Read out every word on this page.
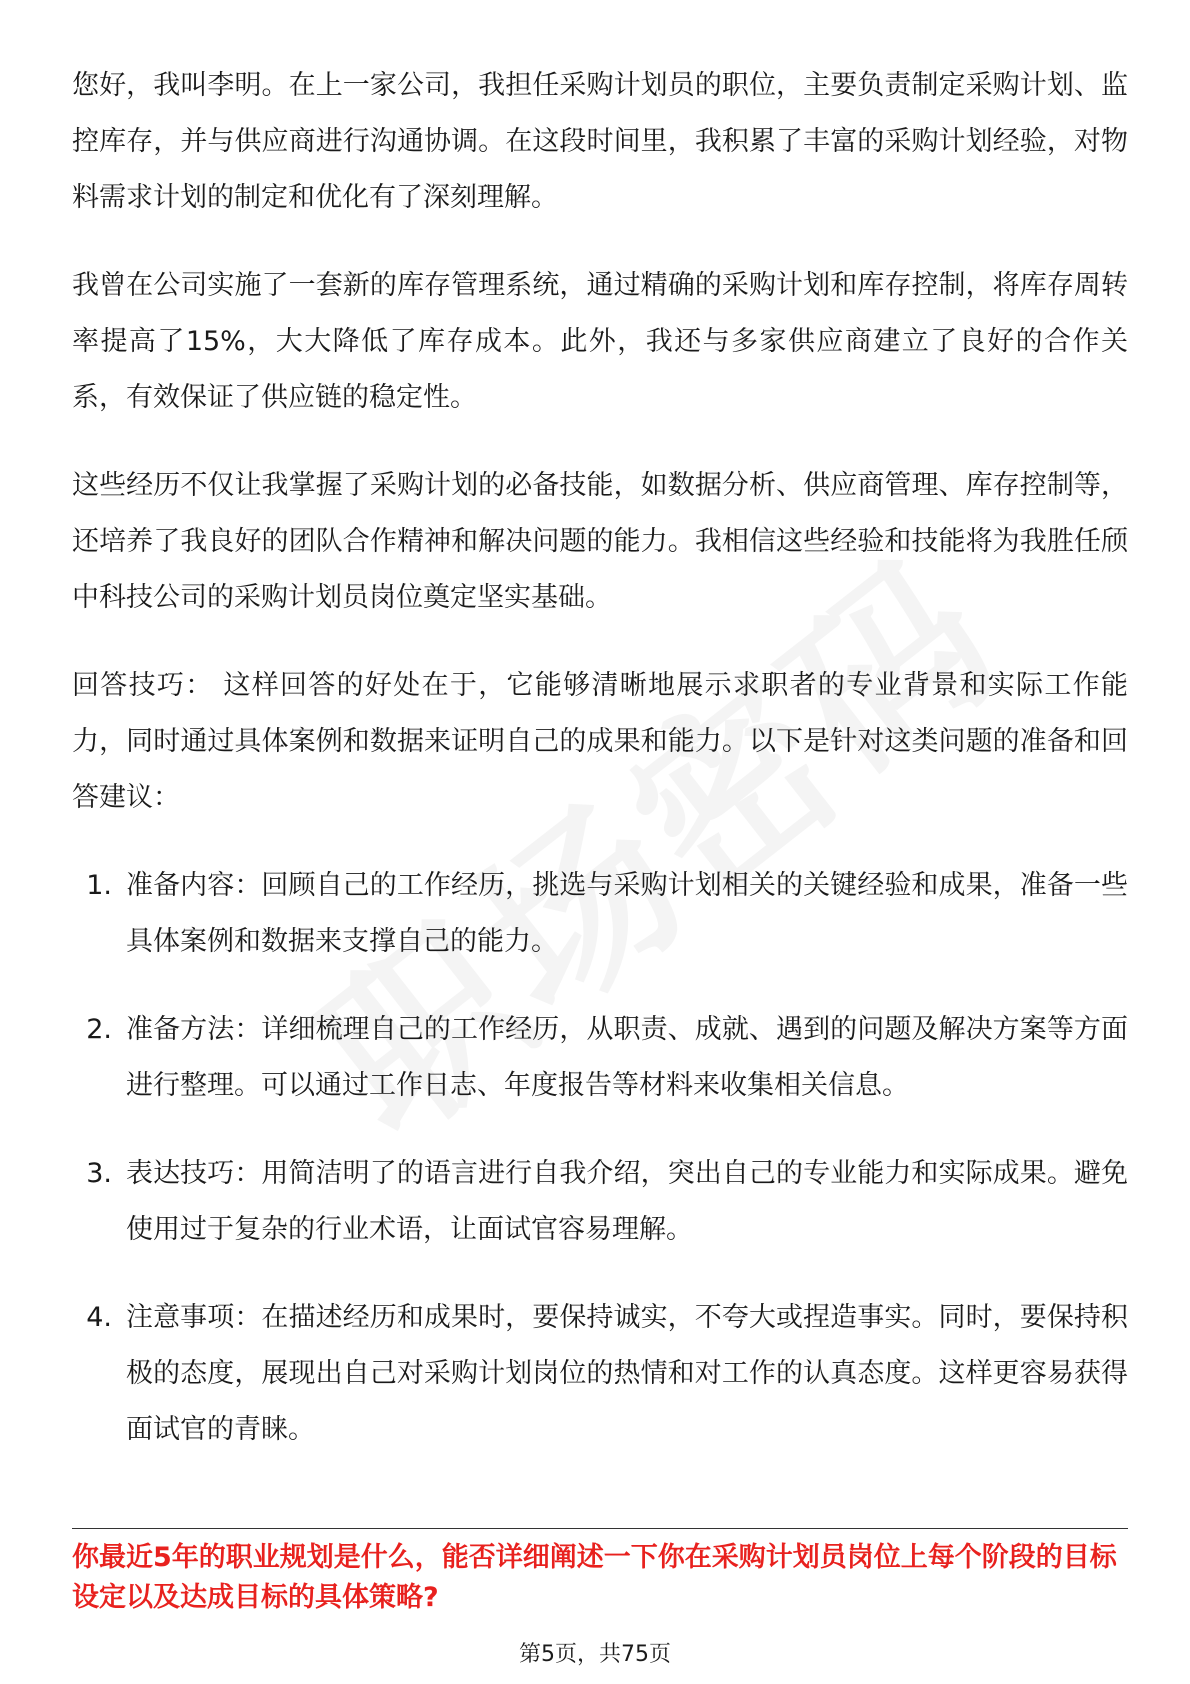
您好，我叫李明。在上一家公司，我担任采购计划员的职位，主要负责制定采购计划、监控库存，并与供应商进行沟通协调。在这段时间里，我积累了丰富的采购计划经验，对物料需求计划的制定和优化有了深刻理解。

我曾在公司实施了一套新的库存管理系统，通过精确的采购计划和库存控制，将库存周转率提高了15%，大大降低了库存成本。此外，我还与多家供应商建立了良好的合作关系，有效保证了供应链的稳定性。

这些经历不仅让我掌握了采购计划的必备技能，如数据分析、供应商管理、库存控制等，还培养了我良好的团队合作精神和解决问题的能力。我相信这些经验和技能将为我胜任颀中科技公司的采购计划员岗位奠定坚实基础。

回答技巧： 这样回答的好处在于，它能够清晰地展示求职者的专业背景和实际工作能力，同时通过具体案例和数据来证明自己的成果和能力。以下是针对这类问题的准备和回答建议：

1. 准备内容：回顾自己的工作经历，挑选与采购计划相关的关键经验和成果，准备一些具体案例和数据来支撑自己的能力。
2. 准备方法：详细梳理自己的工作经历，从职责、成就、遇到的问题及解决方案等方面进行整理。可以通过工作日志、年度报告等材料来收集相关信息。
3. 表达技巧：用简洁明了的语言进行自我介绍，突出自己的专业能力和实际成果。避免使用过于复杂的行业术语，让面试官容易理解。
4. 注意事项：在描述经历和成果时，要保持诚实，不夸大或捏造事实。同时，要保持积极的态度，展现出自己对采购计划岗位的热情和对工作的认真态度。这样更容易获得面试官的青睐。

你最近5年的职业规划是什么，能否详细阐述一下你在采购计划员岗位上每个阶段的目标设定以及达成目标的具体策略?

第5页，共75页
